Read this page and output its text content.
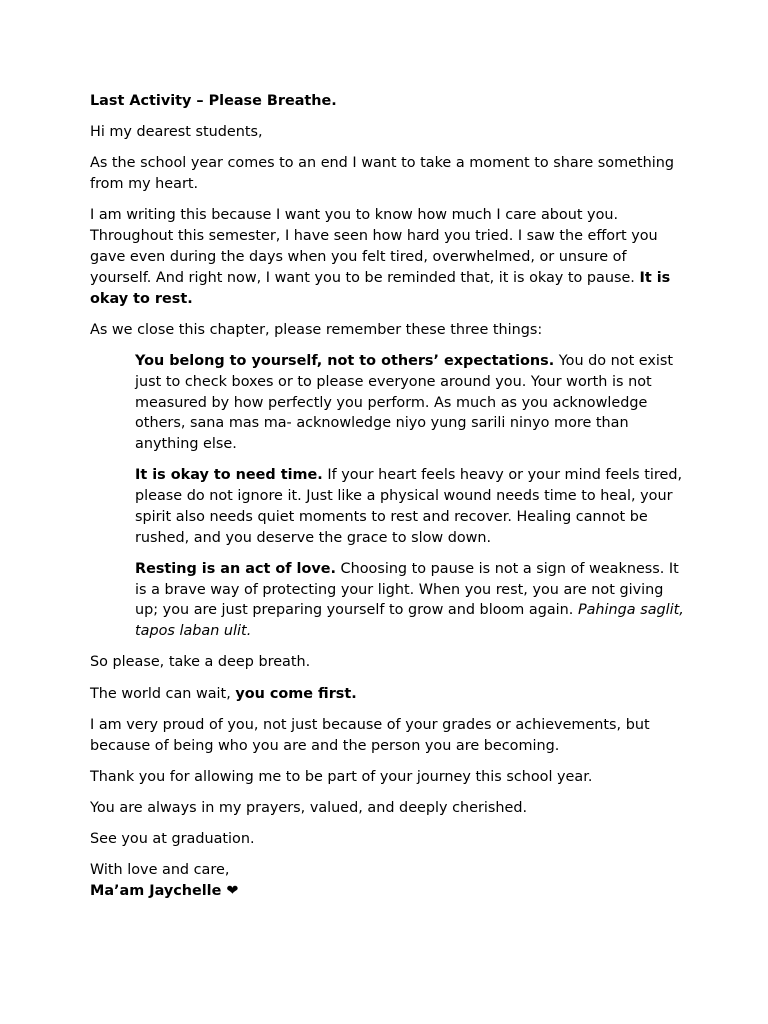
Last Activity – Please Breathe.

Hi my dearest students,

As the school year comes to an end I want to take a moment to share something from my heart.

I am writing this because I want you to know how much I care about you. Throughout this semester, I have seen how hard you tried. I saw the effort you gave even during the days when you felt tired, overwhelmed, or unsure of yourself. And right now, I want you to be reminded that, it is okay to pause. It is okay to rest.

As we close this chapter, please remember these three things:

You belong to yourself, not to others’ expectations. You do not exist just to check boxes or to please everyone around you. Your worth is not measured by how perfectly you perform. As much as you acknowledge others, sana mas ma- acknowledge niyo yung sarili ninyo more than anything else.

It is okay to need time. If your heart feels heavy or your mind feels tired, please do not ignore it. Just like a physical wound needs time to heal, your spirit also needs quiet moments to rest and recover. Healing cannot be rushed, and you deserve the grace to slow down.

Resting is an act of love. Choosing to pause is not a sign of weakness. It is a brave way of protecting your light. When you rest, you are not giving up; you are just preparing yourself to grow and bloom again. Pahinga saglit, tapos laban ulit.

So please, take a deep breath.

The world can wait, you come first.

I am very proud of you, not just because of your grades or achievements, but because of being who you are and the person you are becoming.

Thank you for allowing me to be part of your journey this school year.

You are always in my prayers, valued, and deeply cherished.

See you at graduation.

With love and care,

Ma’am Jaychelle ❤
